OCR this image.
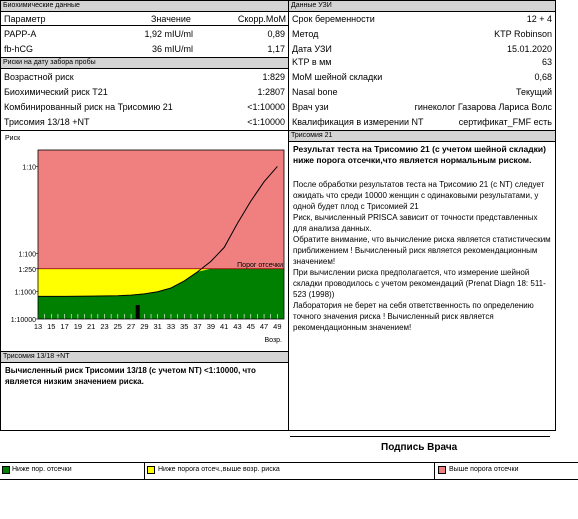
Биохимические данные
Параметр	Значение	Скорр.МоМ
PAPP-A	1,92 mIU/ml	0,89
fb-hCG	36 mIU/ml	1,17
Риски на дату забора пробы
Возрастной риск	1:829
Биохимический риск T21	1:2807
Комбинированный риск на Трисомию 21	<1:10000
Трисомия 13/18 +NT	<1:10000
Порог отсечки
1:10
1:100
1:250
1:1000
1:10000
Риск
13 15 17 19 21 23 25 27 29 31 33 35 37 39 41 43 45 47 49
Возр.
Трисомия 13/18 +NT
Вычисленный риск Трисомии 13/18 (с учетом NT) <1:10000, что является низким значением риска.
Данные УЗИ
Срок беременности	12 + 4
Метод	KTP Robinson
Дата УЗИ	15.01.2020
KTP в мм	63
MoM шейной складки	0,68
Nasal bone	Текущий
Врач узи	гинеколог Газарова Лариса Волс
Квалификация в измерении NT	сертификат_FMF есть
Трисомия 21
Результат теста на Трисомию 21 (с учетом шейной складки) ниже порога отсечки,что является нормальным риском.
После обработки результатов теста на Трисомию 21 (с NT) следует ожидать что среди 10000 женщин с одинаковыми результатами, у одной будет плод с Трисомией 21
Риск, вычисленный PRISCA зависит от точности представленных для анализа данных.
Обратите внимание, что вычисление риска является статистическим приближением ! Вычисленный риск является рекомендационным значением!
При вычислении риска предполагается, что измерение шейной складки проводилось с учетом рекомендаций (Prenat Diagn 18: 511-523 (1998))
Лаборатория не берет на себя ответственность по определению точного значения риска ! Вычисленный риск является рекомендационным значением!
Подпись Врача
Ниже пор. отсечки	Ниже порога отсеч.,выше возр. риска	Выше порога отсечки
